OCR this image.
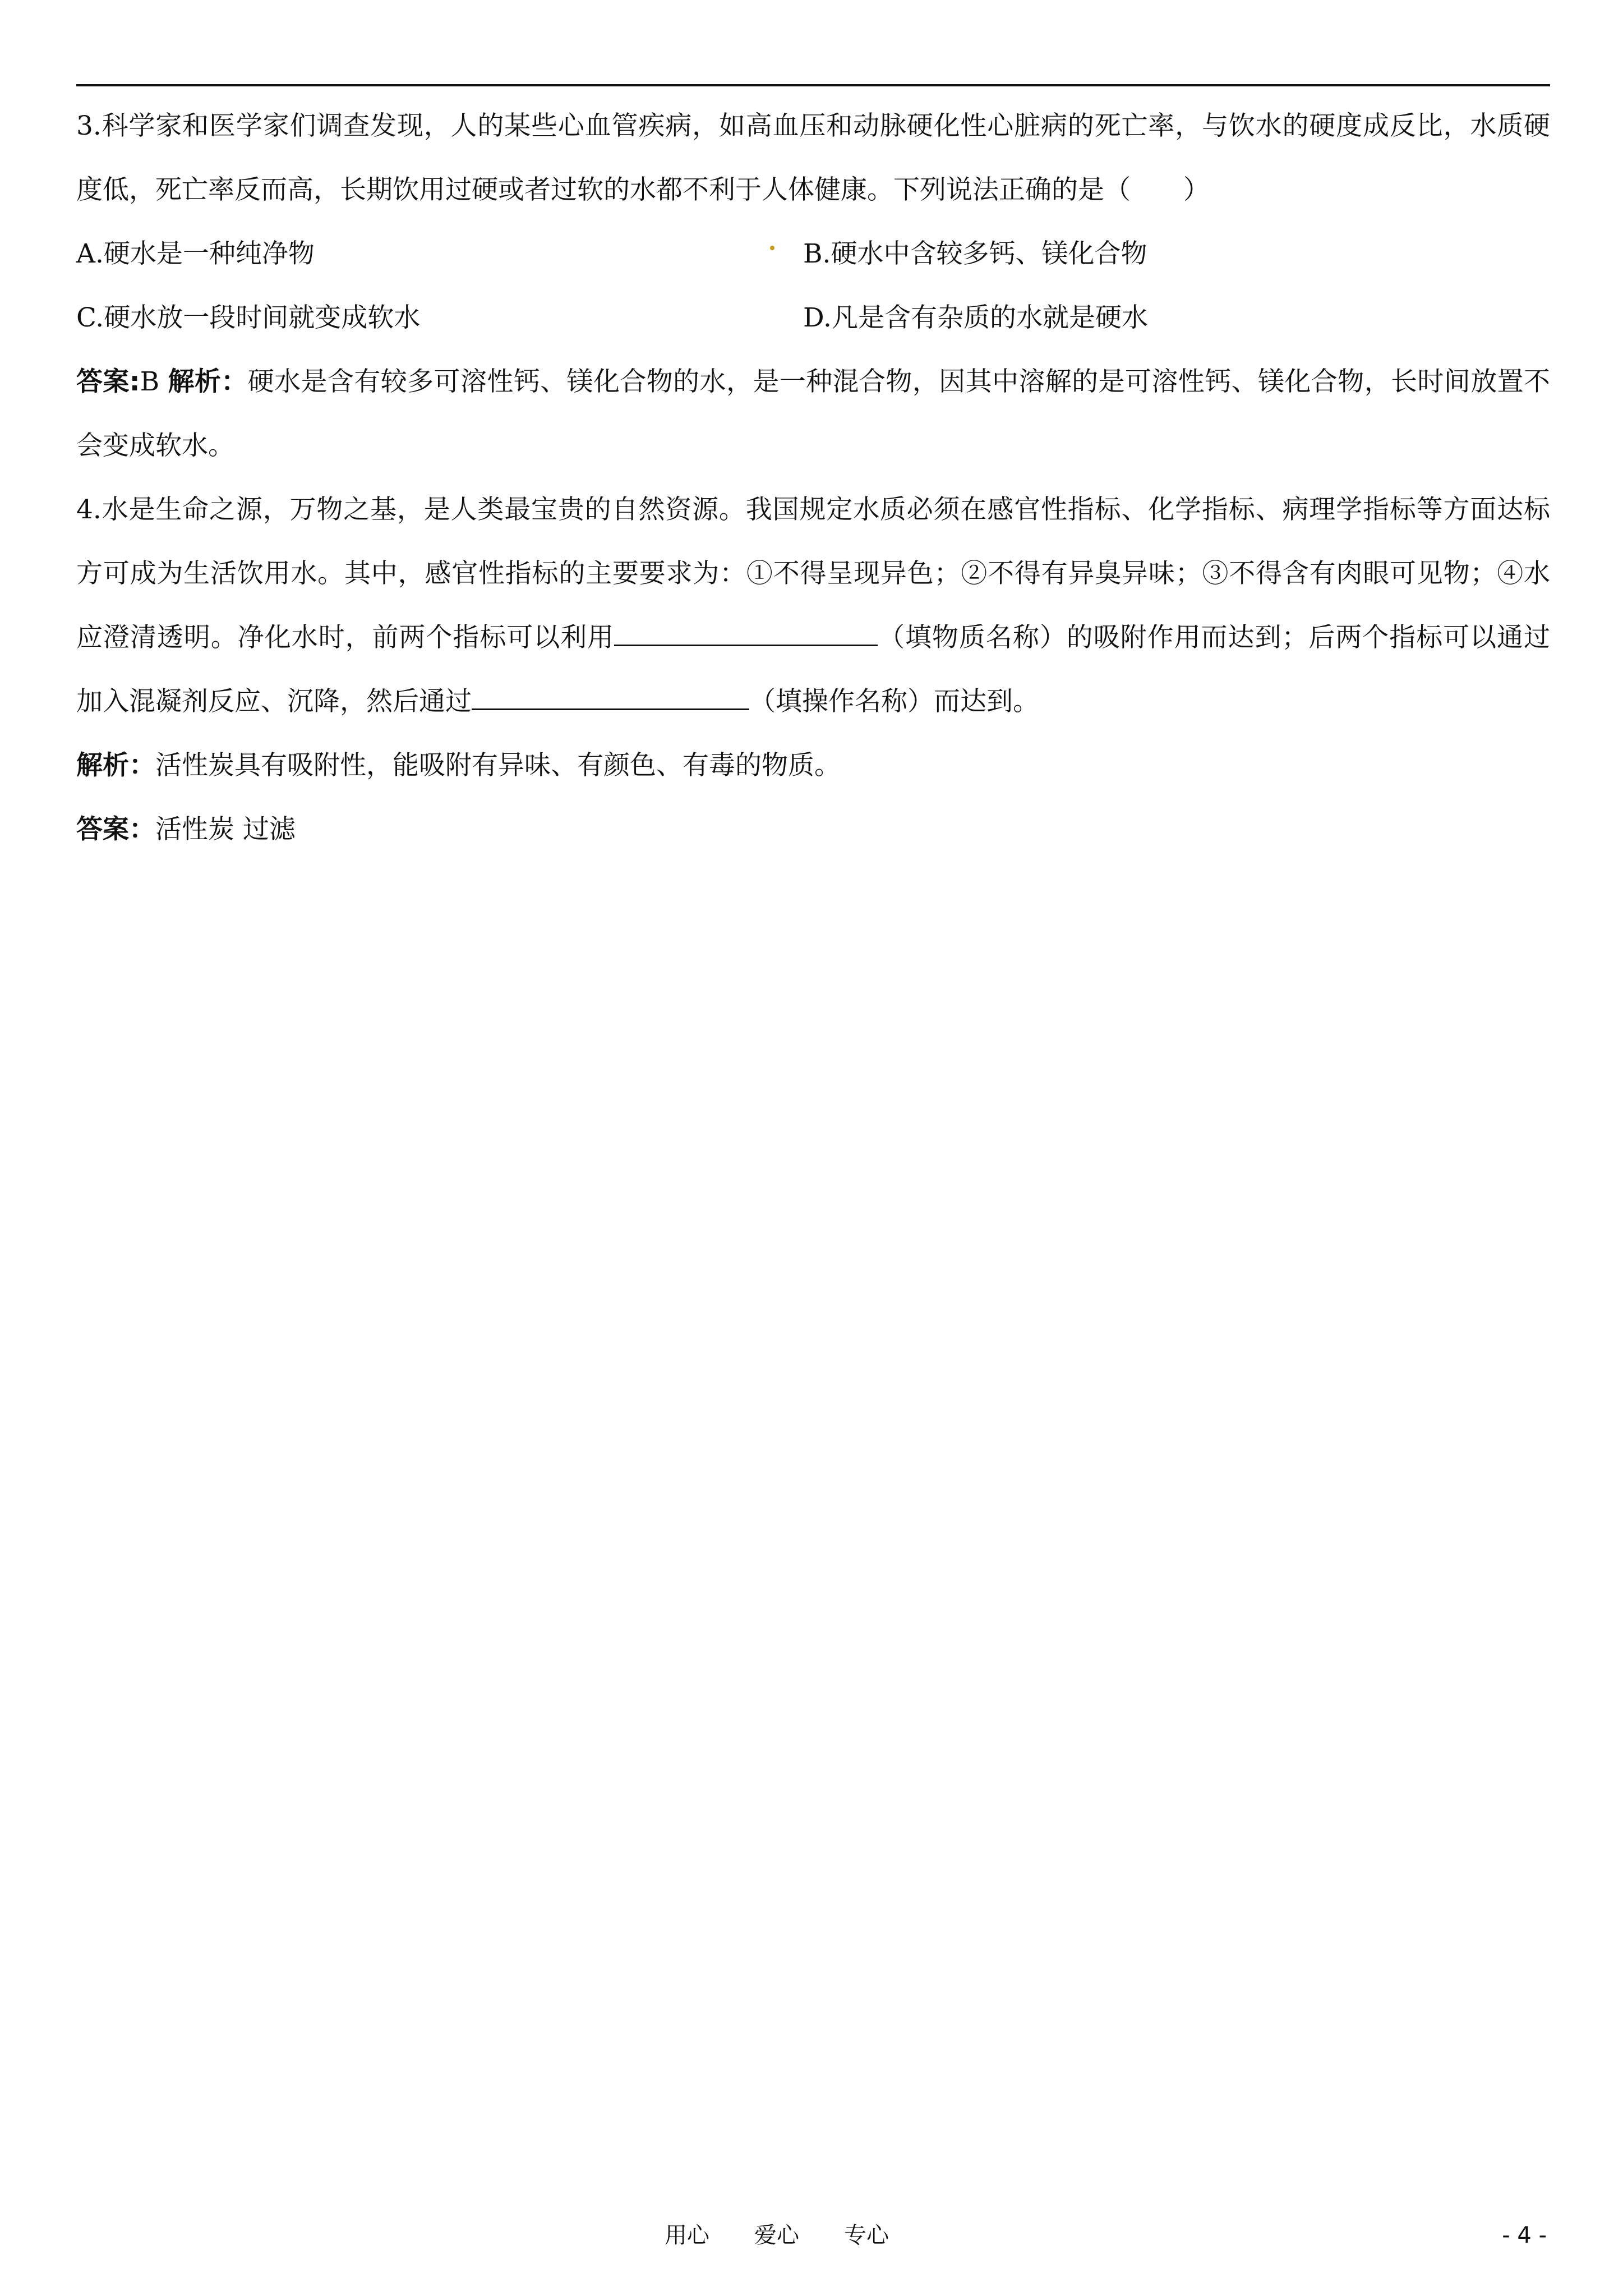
3.科学家和医学家们调查发现，人的某些心血管疾病，如高血压和动脉硬化性心脏病的死亡率，与饮水的硬度成反比，水质硬度低，死亡率反而高，长期饮用过硬或者过软的水都不利于人体健康。下列说法正确的是（　　）

A.硬水是一种纯净物	B.硬水中含较多钙、镁化合物
C.硬水放一段时间就变成软水	D.凡是含有杂质的水就是硬水

答案:B 解析：硬水是含有较多可溶性钙、镁化合物的水，是一种混合物，因其中溶解的是可溶性钙、镁化合物，长时间放置不会变成软水。

4.水是生命之源，万物之基，是人类最宝贵的自然资源。我国规定水质必须在感官性指标、化学指标、病理学指标等方面达标方可成为生活饮用水。其中，感官性指标的主要要求为：①不得呈现异色；②不得有异臭异味；③不得含有肉眼可见物；④水应澄清透明。净化水时，前两个指标可以利用	（填物质名称）的吸附作用而达到；后两个指标可以通过加入混凝剂反应、沉降，然后通过	（填操作名称）而达到。

解析：活性炭具有吸附性，能吸附有异味、有颜色、有毒的物质。

答案：活性炭 过滤

用心　　爱心　　专心	- 4 -
